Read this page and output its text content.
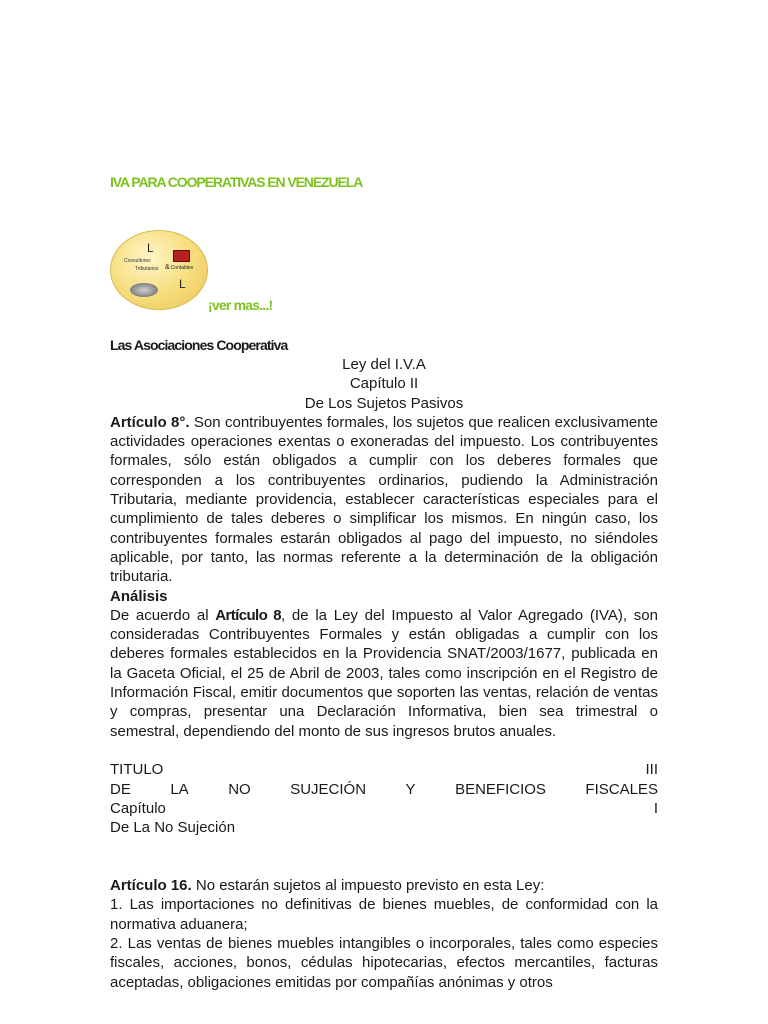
IVA PARA COOPERATIVAS EN VENEZUELA
L
Consultores
Tributarios &Contables
L
¡ver mas...!
Las Asociaciones Cooperativa
Ley del I.V.A
Capítulo II
De Los Sujetos Pasivos
Artículo 8°. Son contribuyentes formales, los sujetos que realicen exclusivamente actividades operaciones exentas o exoneradas del impuesto. Los contribuyentes formales, sólo están obligados a cumplir con los deberes formales que corresponden a los contribuyentes ordinarios, pudiendo la Administración Tributaria, mediante providencia, establecer características especiales para el cumplimiento de tales deberes o simplificar los mismos. En ningún caso, los contribuyentes formales estarán obligados al pago del impuesto, no siéndoles aplicable, por tanto, las normas referente a la determinación de la obligación tributaria.
Análisis
De acuerdo al Artículo 8, de la Ley del Impuesto al Valor Agregado (IVA), son consideradas Contribuyentes Formales y están obligadas a cumplir con los deberes formales establecidos en la Providencia SNAT/2003/1677, publicada en la Gaceta Oficial, el 25 de Abril de 2003, tales como inscripción en el Registro de Información Fiscal, emitir documentos que soporten las ventas, relación de ventas y compras, presentar una Declaración Informativa, bien sea trimestral o semestral, dependiendo del monto de sus ingresos brutos anuales.
TITULO	III
DE	LA	NO	SUJECIÓN	Y	BENEFICIOS	FISCALES
Capítulo	I
De La No Sujeción
Artículo 16. No estarán sujetos al impuesto previsto en esta Ley:
1. Las importaciones no definitivas de bienes muebles, de conformidad con la normativa aduanera;
2. Las ventas de bienes muebles intangibles o incorporales, tales como especies fiscales, acciones, bonos, cédulas hipotecarias, efectos mercantiles, facturas aceptadas, obligaciones emitidas por compañías anónimas y otros
